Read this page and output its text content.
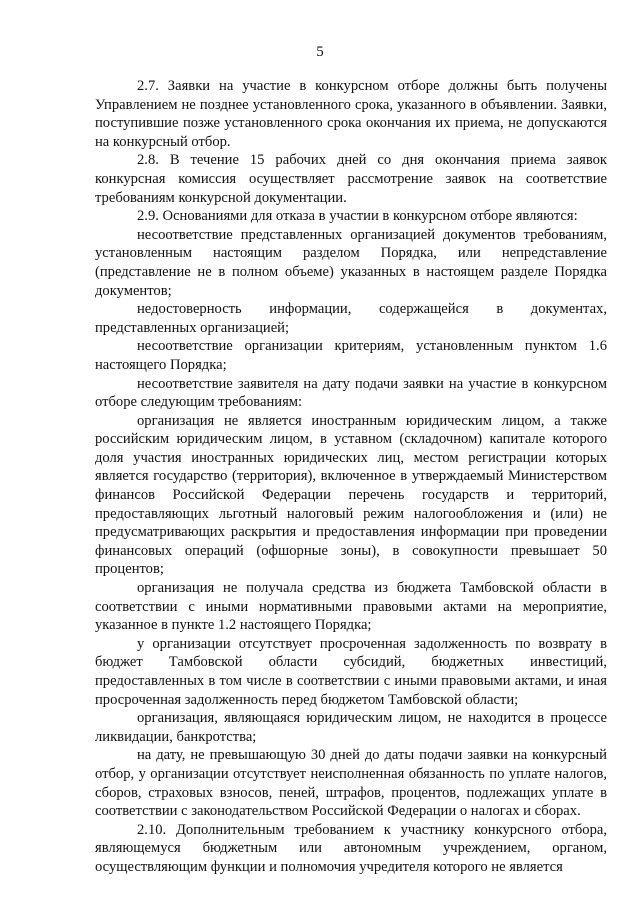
5

2.7. Заявки на участие в конкурсном отборе должны быть получены Управлением не позднее установленного срока, указанного в объявлении. Заявки, поступившие позже установленного срока окончания их приема, не допускаются на конкурсный отбор.

2.8. В течение 15 рабочих дней со дня окончания приема заявок конкурсная комиссия осуществляет рассмотрение заявок на соответствие требованиям конкурсной документации.

2.9. Основаниями для отказа в участии в конкурсном отборе являются:

несоответствие представленных организацией документов требованиям, установленным настоящим разделом Порядка, или непредставление (представление не в полном объеме) указанных в настоящем разделе Порядка документов;

недостоверность информации, содержащейся в документах, представленных организацией;

несоответствие организации критериям, установленным пунктом 1.6 настоящего Порядка;

несоответствие заявителя на дату подачи заявки на участие в конкурсном отборе следующим требованиям:

организация не является иностранным юридическим лицом, а также российским юридическим лицом, в уставном (складочном) капитале которого доля участия иностранных юридических лиц, местом регистрации которых является государство (территория), включенное в утверждаемый Министерством финансов Российской Федерации перечень государств и территорий, предоставляющих льготный налоговый режим налогообложения и (или) не предусматривающих раскрытия и предоставления информации при проведении финансовых операций (офшорные зоны), в совокупности превышает 50 процентов;

организация не получала средства из бюджета Тамбовской области в соответствии с иными нормативными правовыми актами на мероприятие, указанное в пункте 1.2 настоящего Порядка;

у организации отсутствует просроченная задолженность по возврату в бюджет Тамбовской области субсидий, бюджетных инвестиций, предоставленных в том числе в соответствии с иными правовыми актами, и иная просроченная задолженность перед бюджетом Тамбовской области;

организация, являющаяся юридическим лицом, не находится в процессе ликвидации, банкротства;

на дату, не превышающую 30 дней до даты подачи заявки на конкурсный отбор, у организации отсутствует неисполненная обязанность по уплате налогов, сборов, страховых взносов, пеней, штрафов, процентов, подлежащих уплате в соответствии с законодательством Российской Федерации о налогах и сборах.

2.10. Дополнительным требованием к участнику конкурсного отбора, являющемуся бюджетным или автономным учреждением, органом, осуществляющим функции и полномочия учредителя которого не является
